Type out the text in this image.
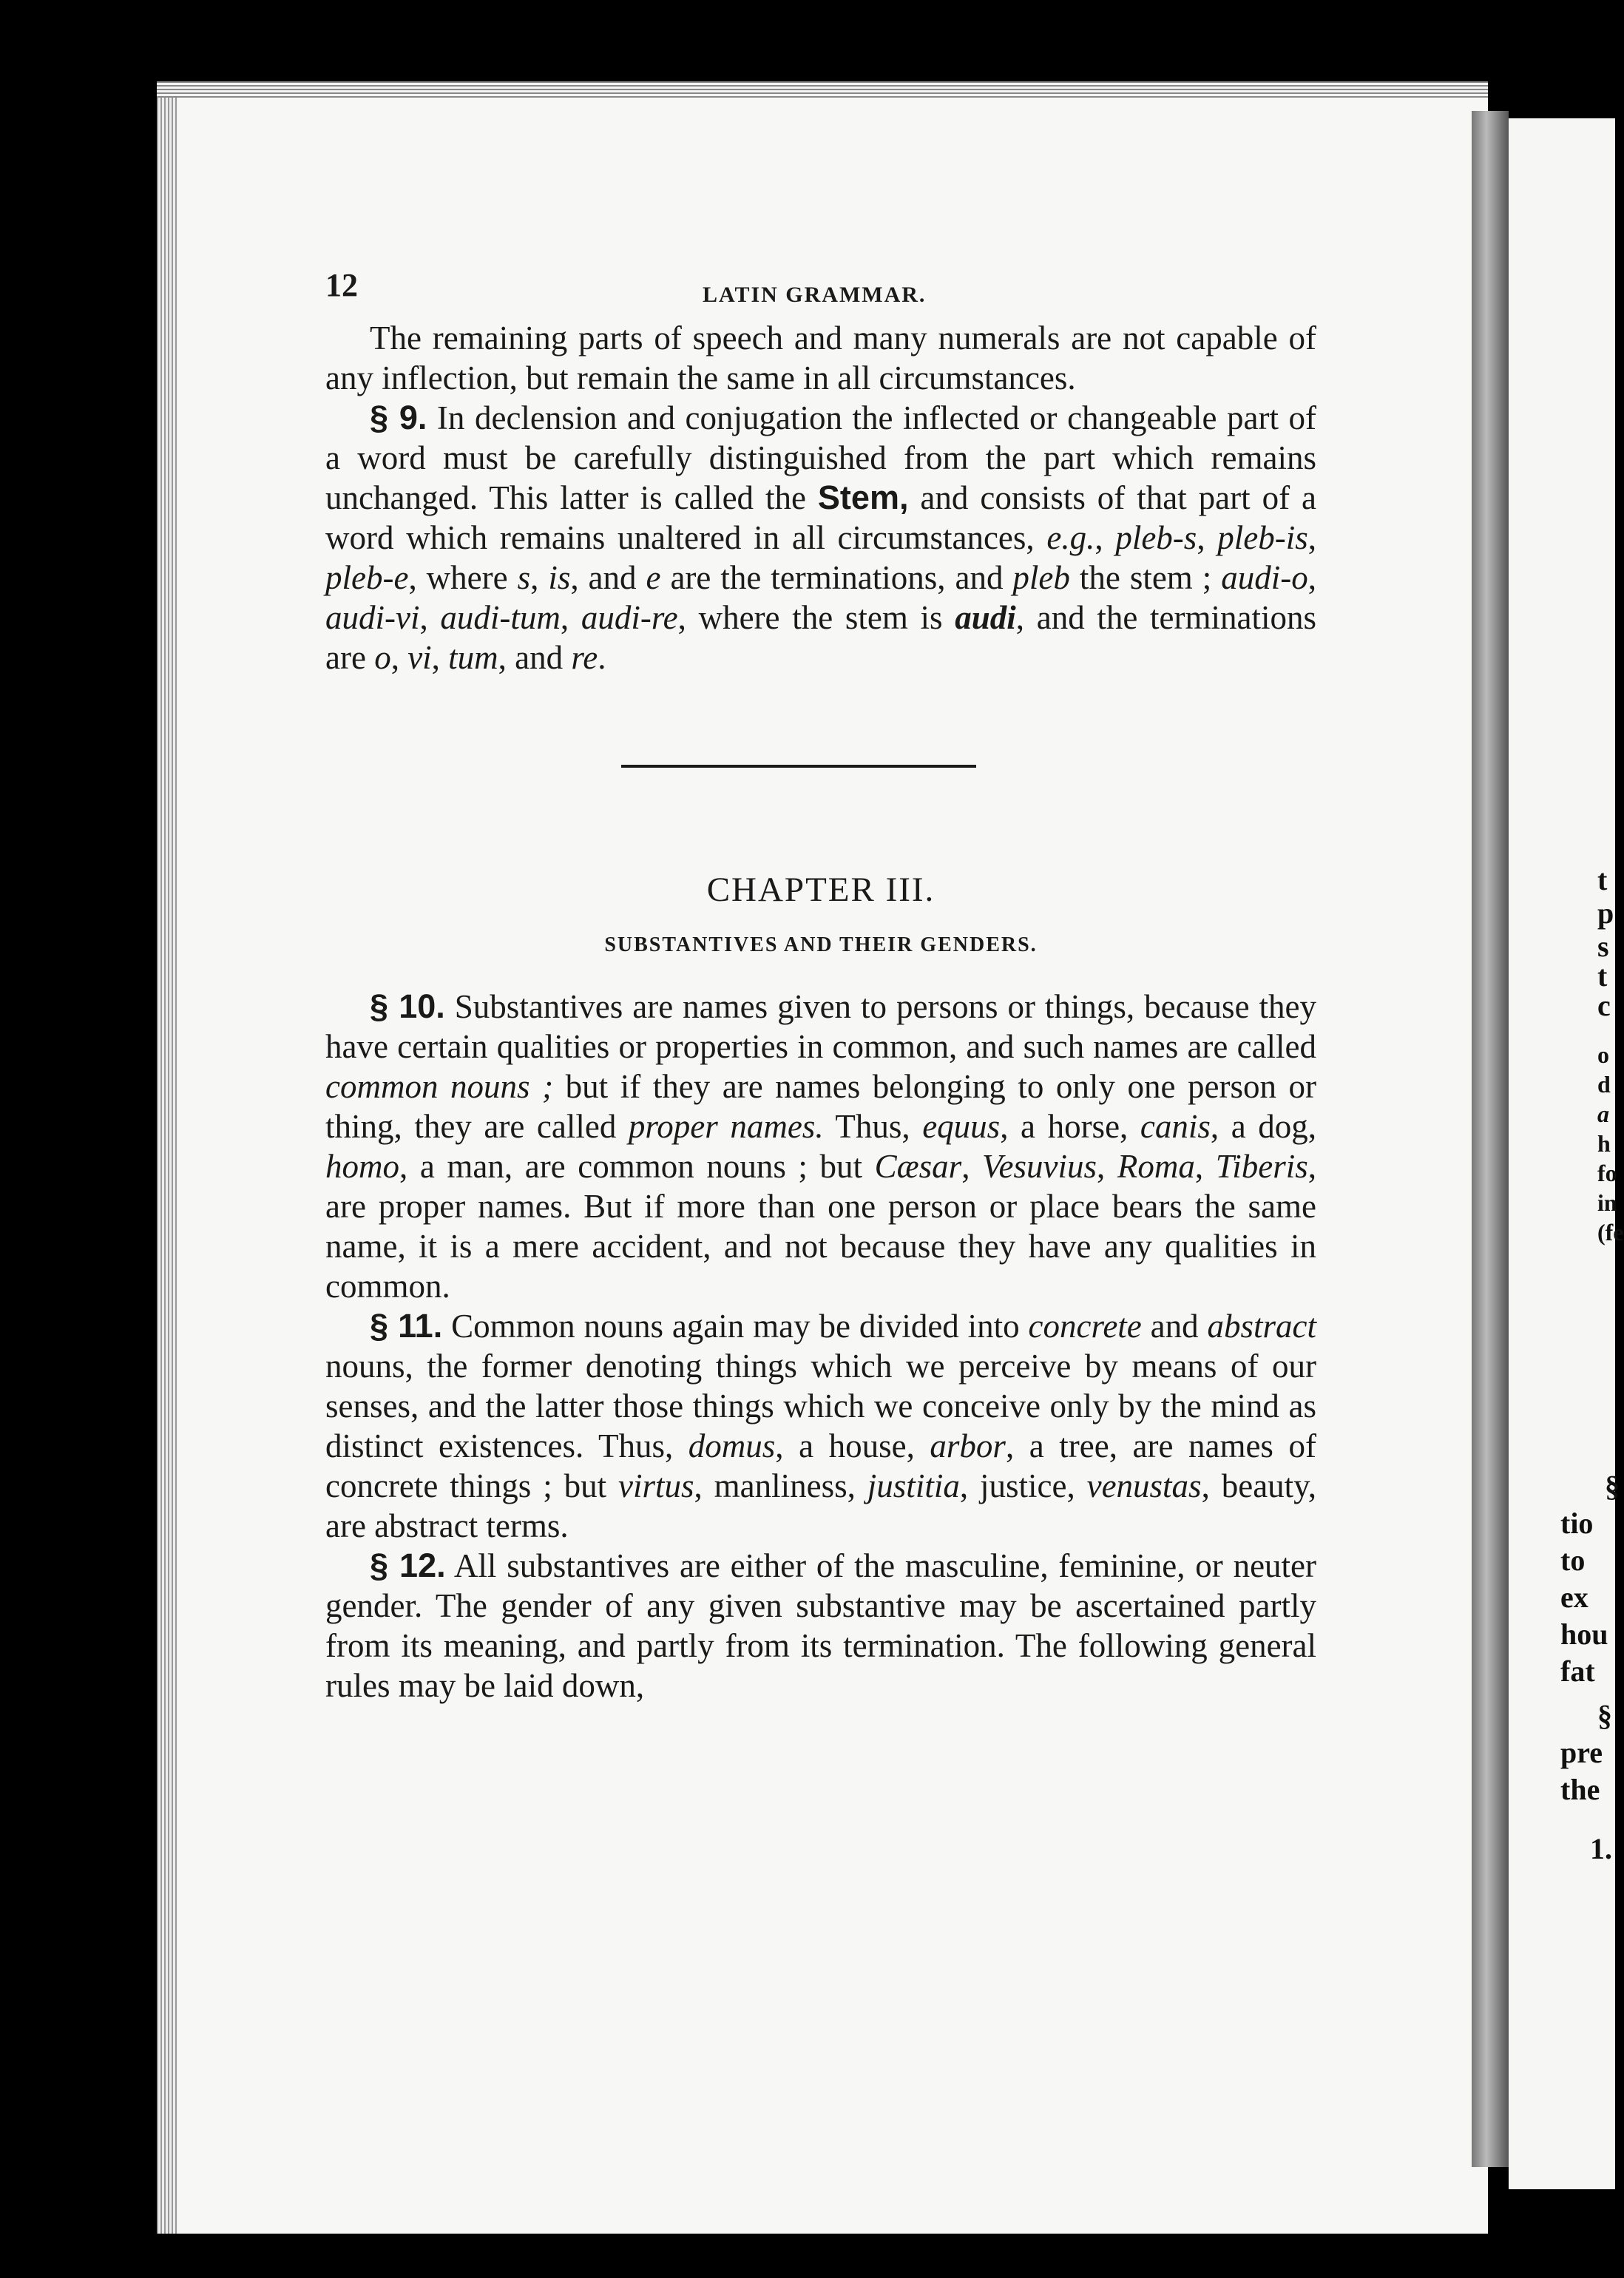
t
p
s
t
c
o
d
a
h
fo
in
(fe
§
tio
to
ex
hou
fat
§
pre
the
1.
12	LATIN GRAMMAR.

The remaining parts of speech and many numerals are not capable of any inflection, but remain the same in all circumstances.

§ 9. In declension and conjugation the inflected or changeable part of a word must be carefully distinguished from the part which remains unchanged. This latter is called the Stem, and consists of that part of a word which remains unaltered in all circumstances, e.g., pleb-s, pleb-is, pleb-e, where s, is, and e are the terminations, and pleb the stem ; audi-o, audi-vi, audi-tum, audi-re, where the stem is audi, and the terminations are o, vi, tum, and re.

CHAPTER III.
SUBSTANTIVES AND THEIR GENDERS.

§ 10. Substantives are names given to persons or things, because they have certain qualities or properties in common, and such names are called common nouns ; but if they are names belonging to only one person or thing, they are called proper names. Thus, equus, a horse, canis, a dog, homo, a man, are common nouns ; but Cæsar, Vesuvius, Roma, Tiberis, are proper names. But if more than one person or place bears the same name, it is a mere accident, and not because they have any qualities in common.

§ 11. Common nouns again may be divided into concrete and abstract nouns, the former denoting things which we perceive by means of our senses, and the latter those things which we conceive only by the mind as distinct existences. Thus, domus, a house, arbor, a tree, are names of concrete things ; but virtus, manliness, justitia, justice, venustas, beauty, are abstract terms.

§ 12. All substantives are either of the masculine, feminine, or neuter gender. The gender of any given substantive may be ascertained partly from its meaning, and partly from its termination. The following general rules may be laid down,
